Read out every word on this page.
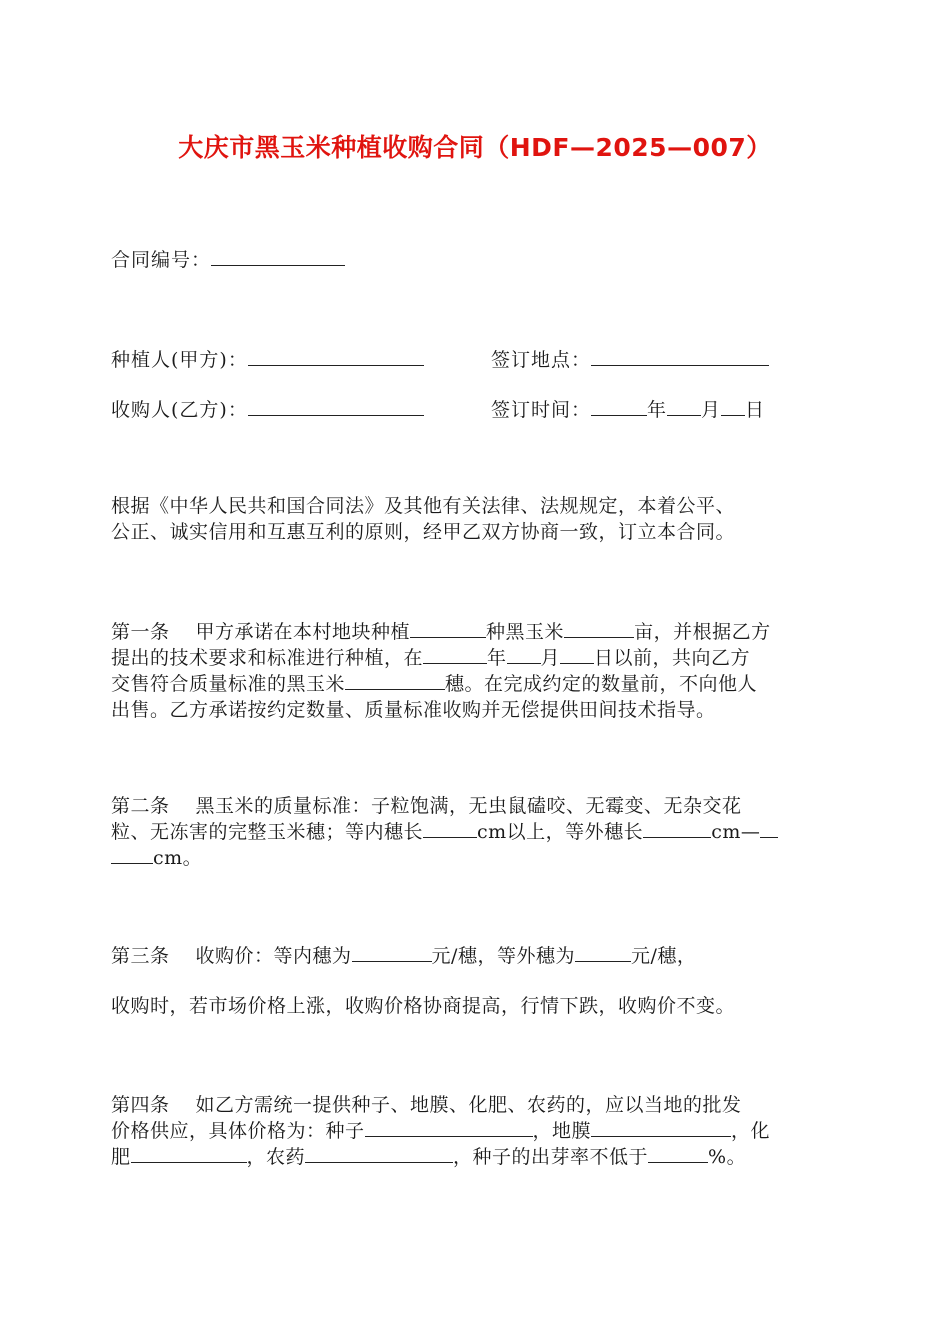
大庆市黑玉米种植收购合同（HDF—2025—007）
合同编号：
种植人(甲方)：	签订地点：
收购人(乙方)：	签订时间：	年 月 日
根据《中华人民共和国合同法》及其他有关法律、法规规定，本着公平、
公正、诚实信用和互惠互利的原则，经甲乙双方协商一致，订立本合同。
第一条　 甲方承诺在本村地块种植	种黑玉米	亩，并根据乙方
提出的技术要求和标准进行种植，在	年 月 日以前，共向乙方
交售符合质量标准的黑玉米	穗。在完成约定的数量前，不向他人
出售。乙方承诺按约定数量、质量标准收购并无偿提供田间技术指导。
第二条　 黑玉米的质量标准：子粒饱满，无虫鼠磕咬、无霉变、无杂交花
粒、无冻害的完整玉米穗；等内穗长	cm以上，等外穗长	cm—
cm。
第三条　 收购价：等内穗为	元/穗，等外穗为	元/穗，
收购时，若市场价格上涨，收购价格协商提高，行情下跌，收购价不变。
第四条　 如乙方需统一提供种子、地膜、化肥、农药的，应以当地的批发
价格供应，具体价格为：种子	，地膜	，化
肥	，农药	，种子的出芽率不低于	%。
